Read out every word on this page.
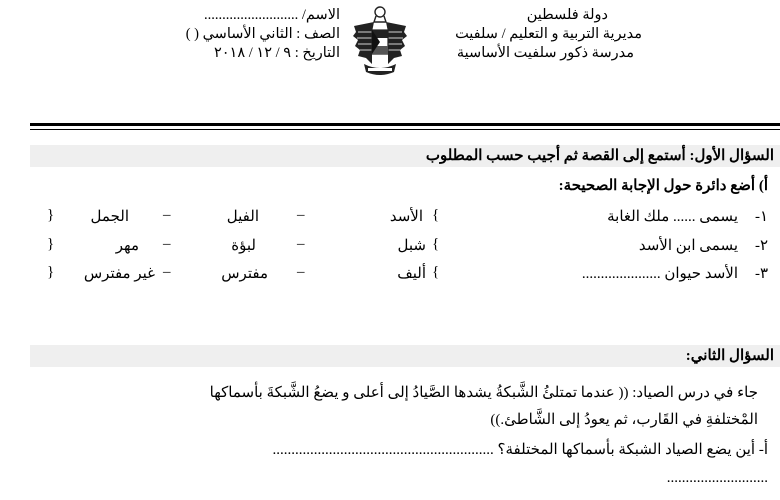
دولة فلسطين
مديرية التربية و التعليم / سلفيت
مدرسة ذكور سلفيت الأساسية
الاسم/ ..........................
الصف : الثاني الأساسي ( )
التاريخ : ٩ / ١٢ / ٢٠١٨
السؤال الأول: أستمع إلى القصة ثم أجيب حسب المطلوب
أ) أضع دائرة حول الإجابة الصحيحة:
١-
يسمى ...... ملك الغابة
{
الأسد
–
الفيل
–
الجمل
}
٢-
يسمى ابن الأسد
{
شبل
–
لبؤة
–
مهر
}
٣-
الأسد حيوان .....................
{
أليف
–
مفترس
–
غير مفترس
}
السؤال الثاني:
جاء في درس الصياد: (( عندما تمتلئُ الشَّبكةُ يشدها الصَّيادُ إلى أعلى و يضعُ الشَّبكةَ بأسماكها
المْختلفةِ في القَارب، ثم يعودُ إلى الشَّاطئ.))
أ- أين يضع الصياد الشبكة بأسماكها المختلفة؟ ...........................................................
...........................
